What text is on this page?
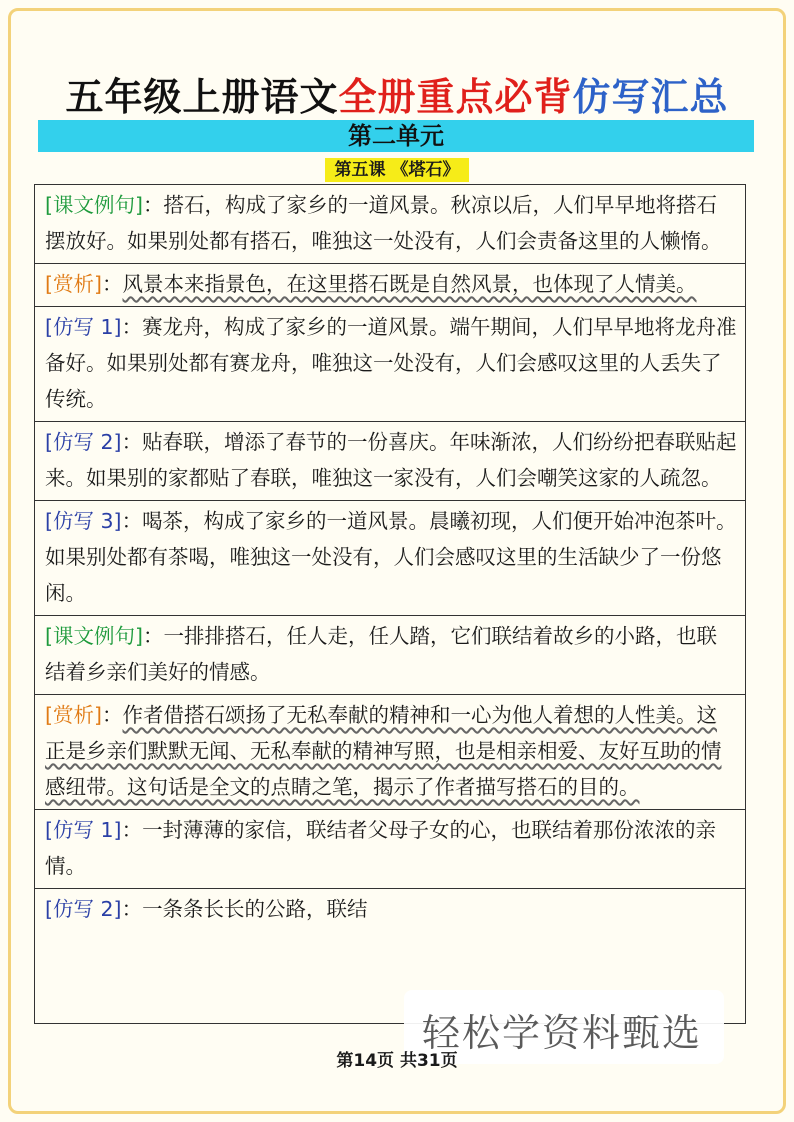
五年级上册语文全册重点必背仿写汇总
第二单元
第五课 《塔石》
[课文例句]：搭石，构成了家乡的一道风景。秋凉以后，人们早早地将搭石摆放好。如果别处都有搭石，唯独这一处没有，人们会责备这里的人懒惰。
[赏析]：风景本来指景色，在这里搭石既是自然风景，也体现了人情美。
[仿写 1]：赛龙舟，构成了家乡的一道风景。端午期间，人们早早地将龙舟准备好。如果别处都有赛龙舟，唯独这一处没有，人们会感叹这里的人丢失了传统。
[仿写 2]：贴春联，增添了春节的一份喜庆。年味渐浓，人们纷纷把春联贴起来。如果别的家都贴了春联，唯独这一家没有，人们会嘲笑这家的人疏忽。
[仿写 3]：喝茶，构成了家乡的一道风景。晨曦初现，人们便开始冲泡茶叶。如果别处都有茶喝，唯独这一处没有，人们会感叹这里的生活缺少了一份悠闲。
[课文例句]：一排排搭石，任人走，任人踏，它们联结着故乡的小路，也联结着乡亲们美好的情感。
[赏析]：作者借搭石颂扬了无私奉献的精神和一心为他人着想的人性美。这正是乡亲们默默无闻、无私奉献的精神写照，也是相亲相爱、友好互助的情感纽带。这句话是全文的点睛之笔，揭示了作者描写搭石的目的。
[仿写 1]：一封薄薄的家信，联结者父母子女的心，也联结着那份浓浓的亲情。
[仿写 2]：一条条长长的公路，联结
轻松学资料甄选
第14页 共31页
